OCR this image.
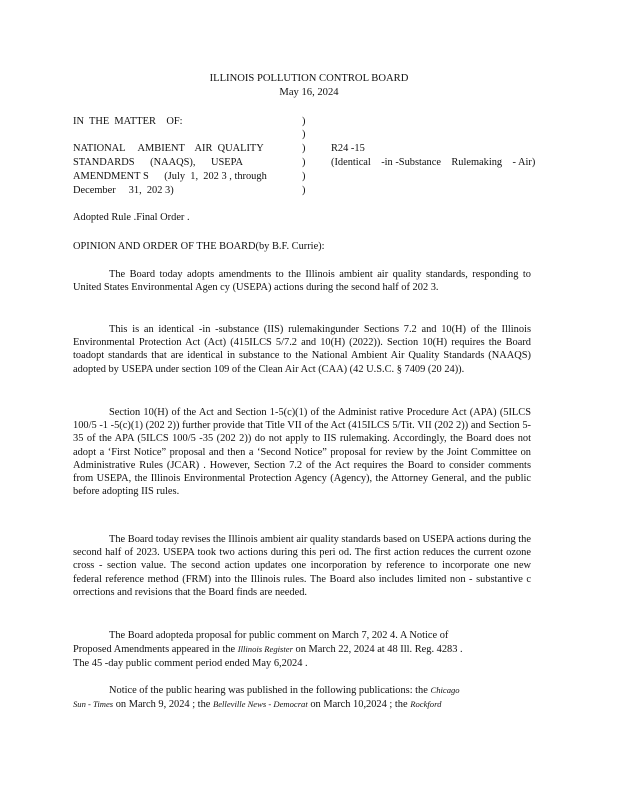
ILLINOIS POLLUTION CONTROL BOARD
May 16, 2024
IN  THE  MATTER    OF:
NATIONAL     AMBIENT    AIR  QUALITY
STANDARDS      (NAAQS),      USEPA
AMENDMENT S      (July  1,  202 3 , through
December     31,  202 3)
)
)
)
)
)
)
R24 -15
(Identical    -in -Substance    Rulemaking    - Air)
Adopted Rule .Final Order .
OPINION AND ORDER OF THE BOARD(by B.F. Currie):

The Board today adopts amendments to the Illinois ambient air quality standards, responding to United States Environmental Agen cy (USEPA) actions during the second half of 202 3.

This is an identical -in -substance (IIS) rulemakingunder Sections 7.2 and 10(H) of the Illinois Environmental Protection Act (Act) (415ILCS 5/7.2 and 10(H) (2022)). Section 10(H) requires the Board toadopt standards that are identical in substance to the National Ambient Air Quality Standards (NAAQS) adopted by USEPA under section 109 of the Clean Air Act (CAA) (42 U.S.C. § 7409 (20 24)).

Section 10(H) of the Act and Section 1-5(c)(1) of the Administ rative Procedure Act (APA) (5ILCS 100/5 -1 -5(c)(1) (202 2)) further provide that Title VII of the Act (415ILCS 5/Tit. VII (202 2)) and Section 5-35 of the APA (5ILCS 100/5 -35 (202 2)) do not apply to IIS rulemaking. Accordingly, the Board does not adopt a ‘First Notice” proposal and then a ‘Second Notice” proposal for review by the Joint Committee on Administrative Rules (JCAR) . However, Section 7.2 of the Act requires the Board to consider comments from USEPA, the Illinois Environmental Protection Agency (Agency), the Attorney General, and the public before adopting IIS rules.

The Board today revises the Illinois ambient air quality standards based on USEPA actions during the second half of 2023. USEPA took two actions during this peri od. The first action reduces the current ozone cross - section value. The second action updates one incorporation by reference to incorporate one new federal reference method (FRM) into the Illinois rules. The Board also includes limited non - substantive c orrections and revisions that the Board finds are needed.

The Board adopteda proposal for public comment on March 7, 202 4. A Notice of
Proposed Amendments appeared in the Illinois Register on March 22, 2024 at 48 Ill. Reg. 4283 .
The 45 -day public comment period ended May 6,2024 .
Notice of the public hearing was published in the following publications: the Chicago
Sun - Times on March 9, 2024 ; the Belleville News - Democrat on March 10,2024 ; the Rockford
